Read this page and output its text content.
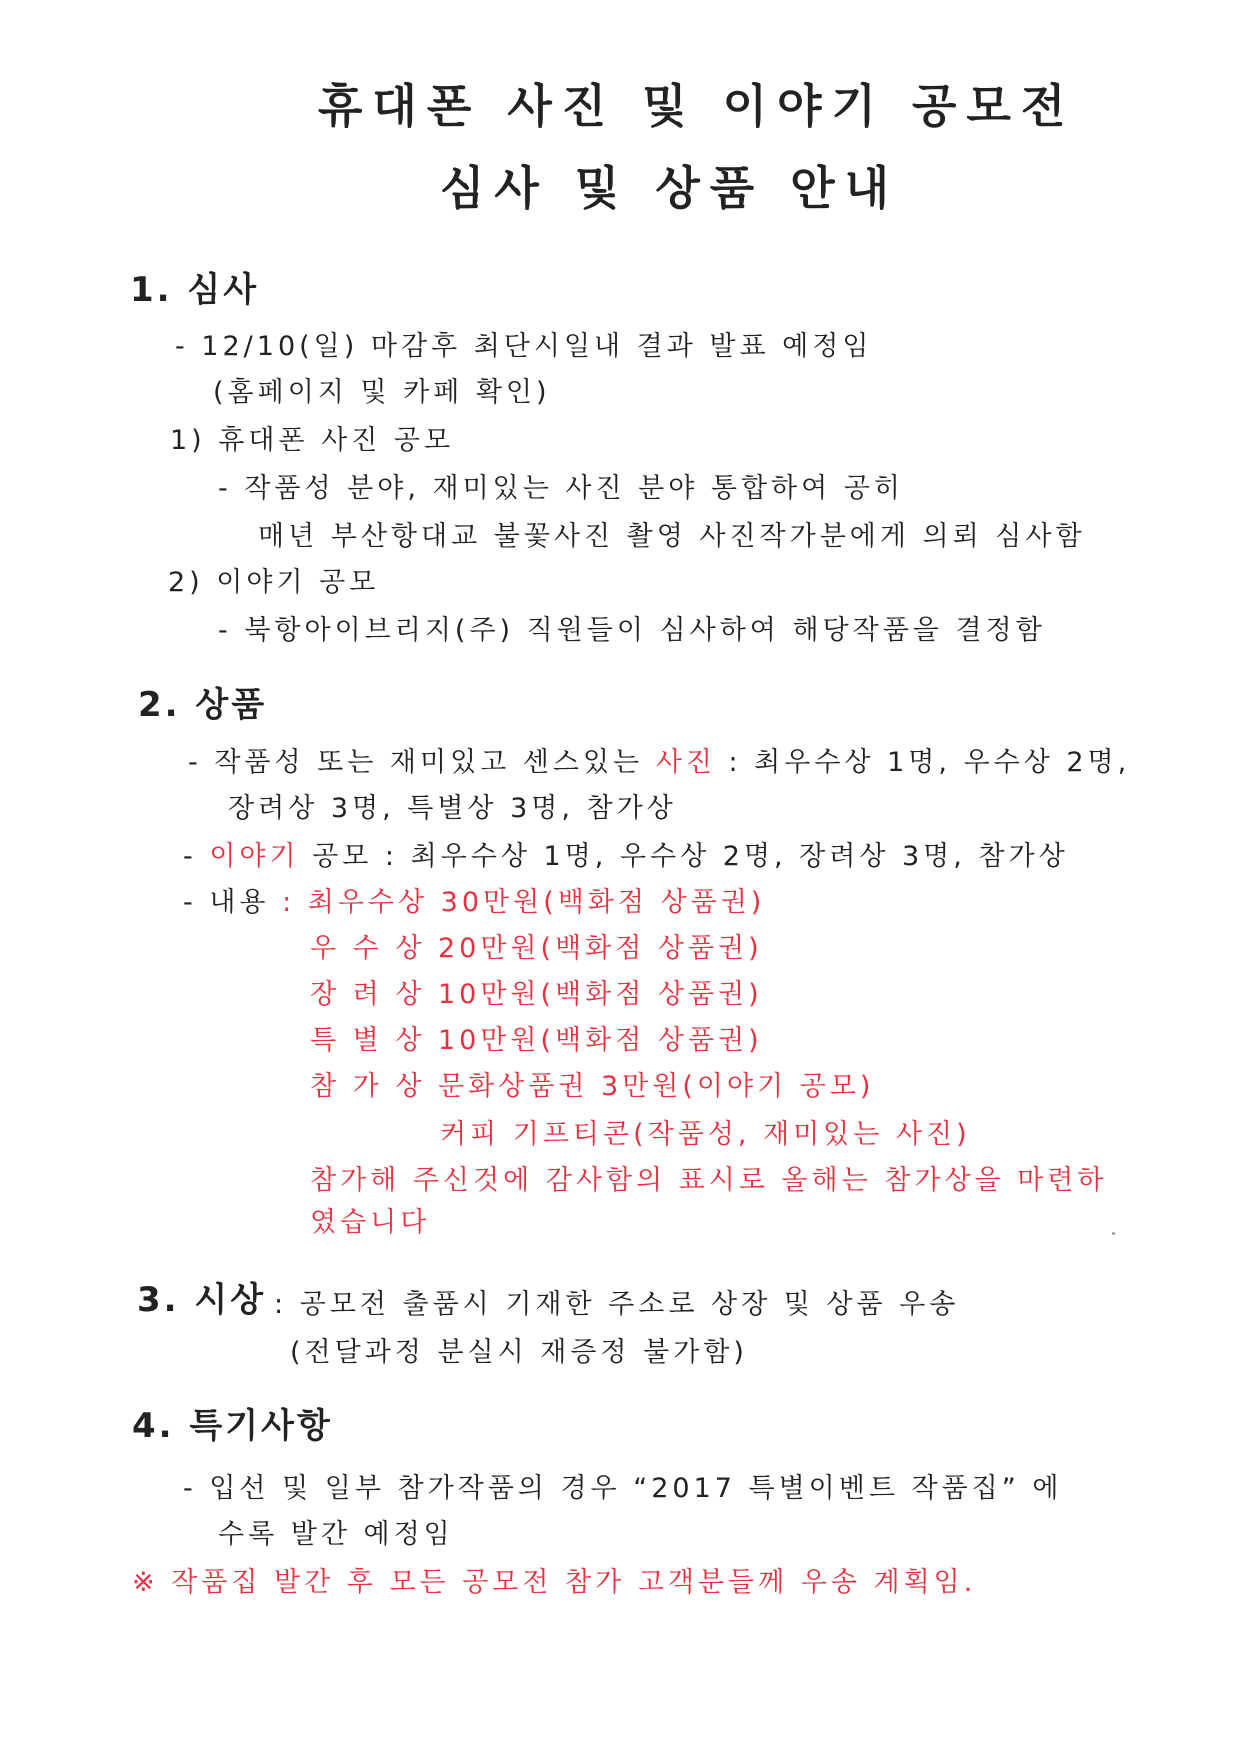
휴대폰 사진 및 이야기 공모전
심사 및 상품 안내
1. 심사
- 12/10(일) 마감후 최단시일내 결과 발표 예정임
(홈페이지 및 카페 확인)
1) 휴대폰 사진 공모
- 작품성 분야, 재미있는 사진 분야 통합하여 공히
매년 부산항대교 불꽃사진 촬영 사진작가분에게 의뢰 심사함
2) 이야기 공모
- 북항아이브리지(주) 직원들이 심사하여 해당작품을 결정함
2. 상품
- 작품성 또는 재미있고 센스있는 사진 : 최우수상 1명, 우수상 2명,
장려상 3명, 특별상 3명, 참가상
- 이야기 공모 : 최우수상 1명, 우수상 2명, 장려상 3명, 참가상
- 내용 : 최우수상 30만원(백화점 상품권)
우 수 상 20만원(백화점 상품권)
장 려 상 10만원(백화점 상품권)
특 별 상 10만원(백화점 상품권)
참 가 상 문화상품권 3만원(이야기 공모)
커피 기프티콘(작품성, 재미있는 사진)
참가해 주신것에 감사함의 표시로 올해는 참가상을 마련하
였습니다
3. 시상 : 공모전 출품시 기재한 주소로 상장 및 상품 우송
(전달과정 분실시 재증정 불가함)
4. 특기사항
- 입선 및 일부 참가작품의 경우 “2017 특별이벤트 작품집” 에
수록 발간 예정임
※ 작품집 발간 후 모든 공모전 참가 고객분들께 우송 계획임.
